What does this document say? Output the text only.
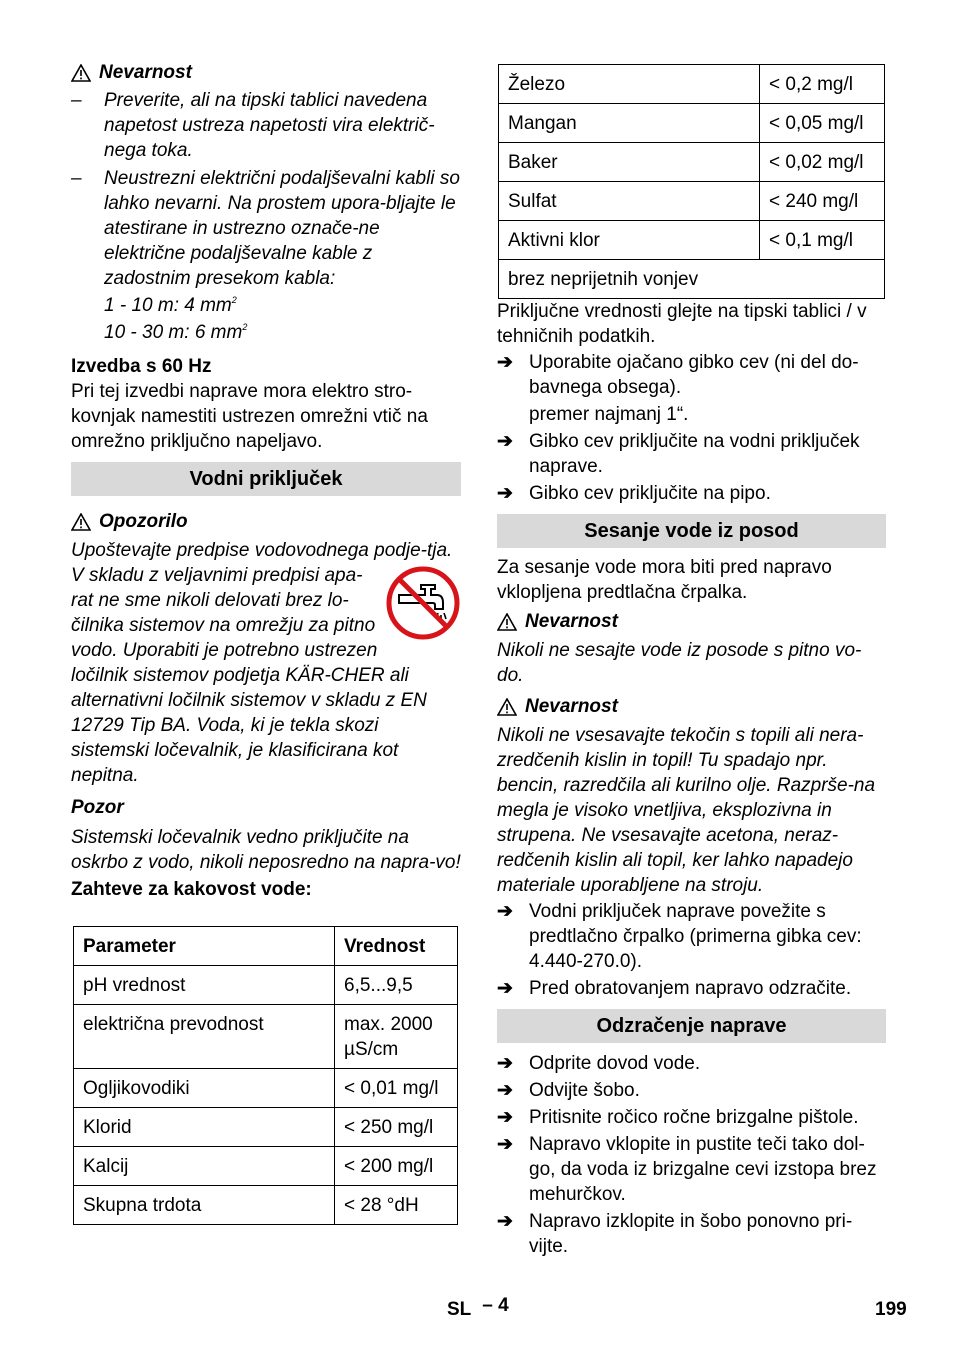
Nevarnost
–	Preverite, ali na tipski tablici navedena napetost ustreza napetosti vira električ-nega toka.
–	Neustrezni električni podaljševalni kabli so lahko nevarni. Na prostem upora-bljajte le atestirane in ustrezno označe-ne električne podaljševalne kable z zadostnim presekom kabla:

1 - 10 m: 4 $mm^2$

10 - 30 m: 6 $mm^2$

Izvedba s 60 Hz

Pri tej izvedbi naprave mora elektro stro-kovnjak namestiti ustrezen omrežni vtič na omrežno priključno napeljavo.

Vodni priključek
Opozorilo

Upoštevajte predpise vodovodnega podje-tja.

V skladu z veljavnimi predpisi apa-rat ne sme nikoli delovati brez lo-čilnika sistemov na omrežju za pitno vodo. Uporabiti je potrebno ustrezen ločilnik sistemov podjetja KÄR-CHER ali alternativni ločilnik sistemov v skladu z EN 12729 Tip BA. Voda, ki je tekla skozi sistemski ločevalnik, je klasificirana kot nepitna.

Pozor

Sistemski ločevalnik vedno priključite na oskrbo z vodo, nikoli neposredno na napra-vo!

Zahteve za kakovost vode:

Parameter	Vrednost
pH vrednost	6,5...9,5
električna prevodnost	max. 2000 µS/cm
Ogljikovodiki	< 0,01 mg/l
Klorid	< 250 mg/l
Kalcij	< 200 mg/l
Skupna trdota	< 28 °dH
Železo	< 0,2 mg/l
Mangan	< 0,05 mg/l
Baker	< 0,02 mg/l
Sulfat	< 240 mg/l
Aktivni klor	< 0,1 mg/l
brez neprijetnih vonjev	

Priključne vrednosti glejte na tipski tablici / v tehničnih podatkih.

➔ Uporabite ojačano gibko cev (ni del do-bavnega obsega).

premer najmanj 1“.

➔ Gibko cev priključite na vodni priključek naprave.
➔ Gibko cev priključite na pipo.
Sesanje vode iz posod

Za sesanje vode mora biti pred napravo vklopljena predtlačna črpalka.

Nevarnost

Nikoli ne sesajte vode iz posode s pitno vo-do.

Nevarnost

Nikoli ne vsesavajte tekočin s topili ali nera-zredčenih kislin in topil! Tu spadajo npr. bencin, razredčila ali kurilno olje. Razprše-na megla je visoko vnetljiva, eksplozivna in strupena. Ne vsesavajte acetona, neraz-redčenih kislin ali topil, ker lahko napadejo materiale uporabljene na stroju.

➔ Vodni priključek naprave povežite s predtlačno črpalko (primerna gibka cev: 4.440-270.0).
➔ Pred obratovanjem napravo odzračite.
Odzračenje naprave
➔ Odprite dovod vode.
➔ Odvijte šobo.
➔ Pritisnite ročico ročne brizgalne pištole.
➔ Napravo vklopite in pustite teči tako dol-go, da voda iz brizgalne cevi izstopa brez mehurčkov.
➔ Napravo izklopite in šobo ponovno pri-vijte.
SL – 4	199
